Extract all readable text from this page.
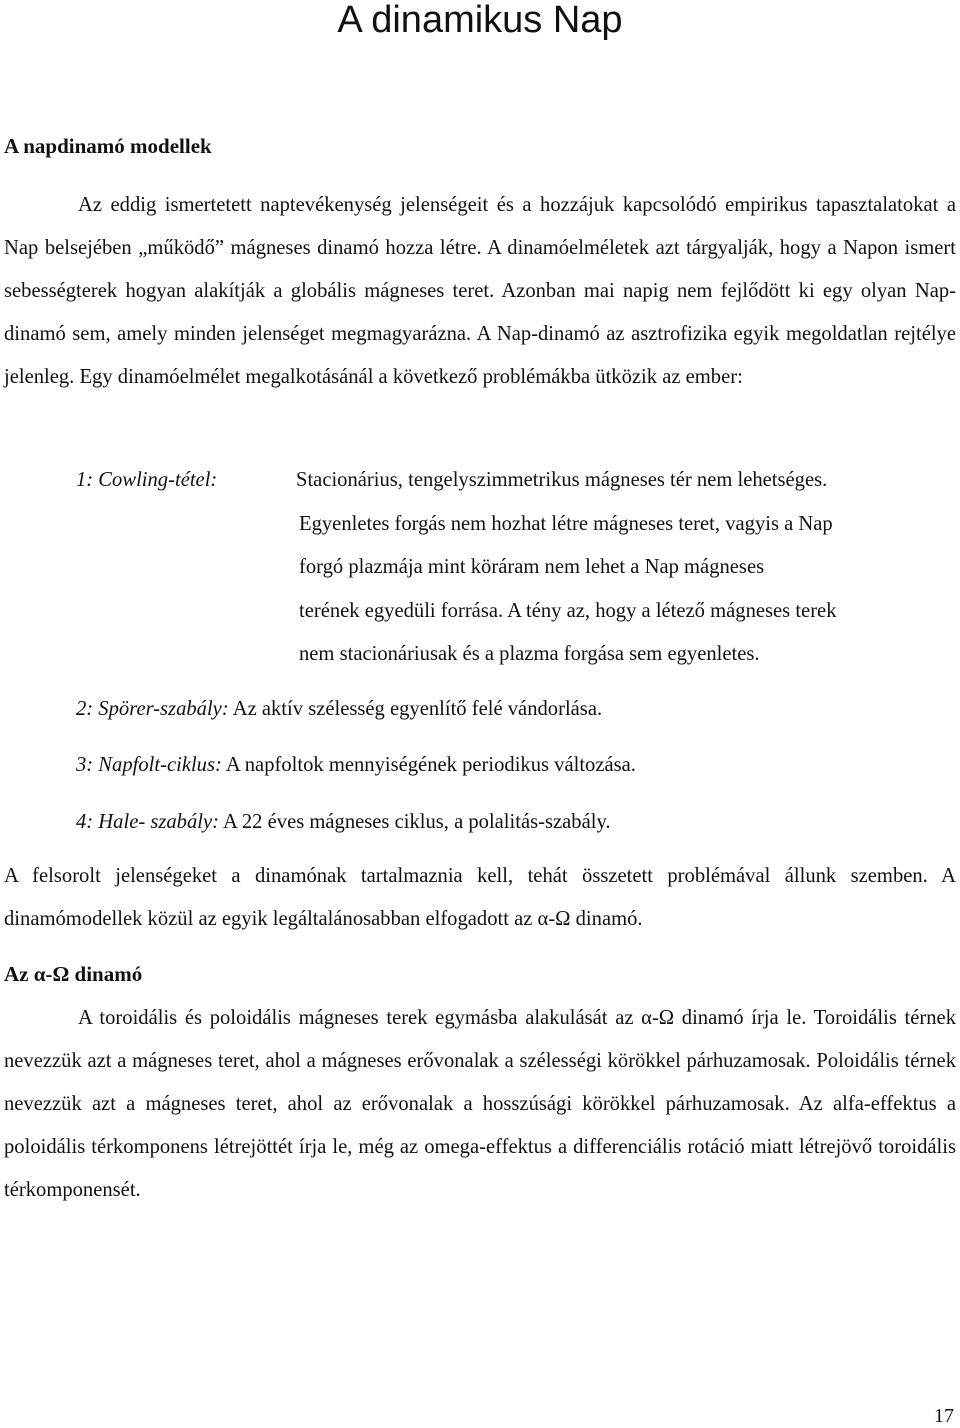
A dinamikus Nap
A napdinamó modellek

Az eddig ismertetett naptevékenység jelenségeit és a hozzájuk kapcsolódó empirikus tapasztalatokat a Nap belsejében „működő” mágneses dinamó hozza létre. A dinamóelméletek azt tárgyalják, hogy a Napon ismert sebességterek hogyan alakítják a globális mágneses teret. Azonban mai napig nem fejlődött ki egy olyan Nap-dinamó sem, amely minden jelenséget megmagyarázna. A Nap-dinamó az asztrofizika egyik megoldatlan rejtélye jelenleg. Egy dinamóelmélet megalkotásánál a következő problémákba ütközik az ember:

1: Cowling-tétel:	Stacionárius, tengelyszimmetrikus mágneses tér nem lehetséges.
Egyenletes forgás nem hozhat létre mágneses teret, vagyis a Nap
forgó plazmája mint köráram nem lehet a Nap mágneses
terének egyedüli forrása. A tény az, hogy a létező mágneses terek
nem stacionáriusak és a plazma forgása sem egyenletes.
2: Spörer-szabály: Az aktív szélesség egyenlítő felé vándorlása.
3: Napfolt-ciklus: A napfoltok mennyiségének periodikus változása.
4: Hale- szabály: A 22 éves mágneses ciklus, a polalitás-szabály.

A felsorolt jelenségeket a dinamónak tartalmaznia kell, tehát összetett problémával állunk szemben. A dinamómodellek közül az egyik legáltalánosabban elfogadott az α-Ω dinamó.

Az α-Ω dinamó

A toroidális és poloidális mágneses terek egymásba alakulását az α-Ω dinamó írja le. Toroidális térnek nevezzük azt a mágneses teret, ahol a mágneses erővonalak a szélességi körökkel párhuzamosak. Poloidális térnek nevezzük azt a mágneses teret, ahol az erővonalak a hosszúsági körökkel párhuzamosak. Az alfa-effektus a poloidális térkomponens létrejöttét írja le, még az omega-effektus a differenciális rotáció miatt létrejövő toroidális térkomponensét.

17
